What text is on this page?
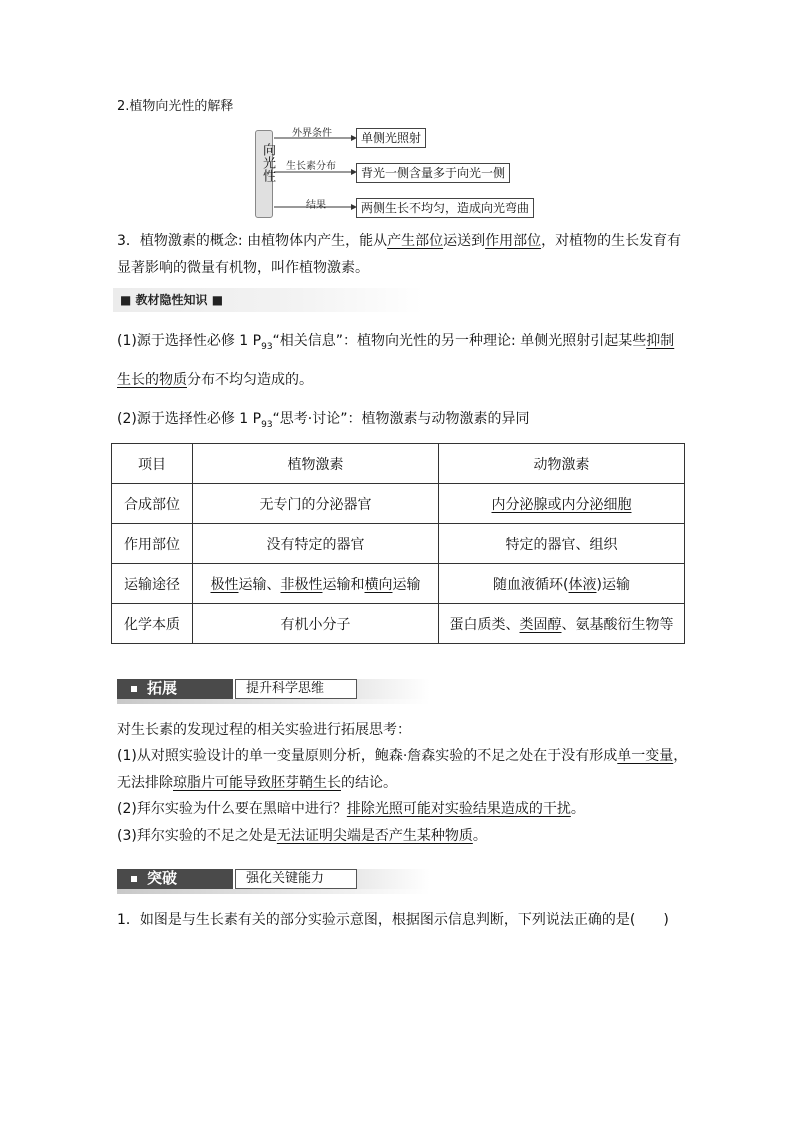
2.植物向光性的解释
向光性
外界条件
生长素分布
结果
单侧光照射
背光一侧含量多于向光一侧
两侧生长不均匀，造成向光弯曲
3．植物激素的概念: 由植物体内产生，能从产生部位运送到作用部位，对植物的生长发育有
显著影响的微量有机物，叫作植物激素。
■ 教材隐性知识 ■
(1)源于选择性必修 1 $P_{93}“$相关信息”：植物向光性的另一种理论: 单侧光照射引起某些抑制
生长的物质分布不均匀造成的。
(2)源于选择性必修 1 $P_{93}“$思考·讨论”：植物激素与动物激素的异同
项目	植物激素	动物激素
合成部位	无专门的分泌器官	内分泌腺或内分泌细胞
作用部位	没有特定的器官	特定的器官、组织
运输途径	极性运输、非极性运输和横向运输	随血液循环(体液)运输
化学本质	有机小分子	蛋白质类、类固醇、氨基酸衍生物等
拓展	提升科学思维
对生长素的发现过程的相关实验进行拓展思考：
(1)从对照实验设计的单一变量原则分析，鲍森·詹森实验的不足之处在于没有形成单一变量，
无法排除琼脂片可能导致胚芽鞘生长的结论。
(2)拜尔实验为什么要在黑暗中进行？排除光照可能对实验结果造成的干扰。
(3)拜尔实验的不足之处是无法证明尖端是否产生某种物质。
突破	强化关键能力
1．如图是与生长素有关的部分实验示意图，根据图示信息判断，下列说法正确的是(　　)
